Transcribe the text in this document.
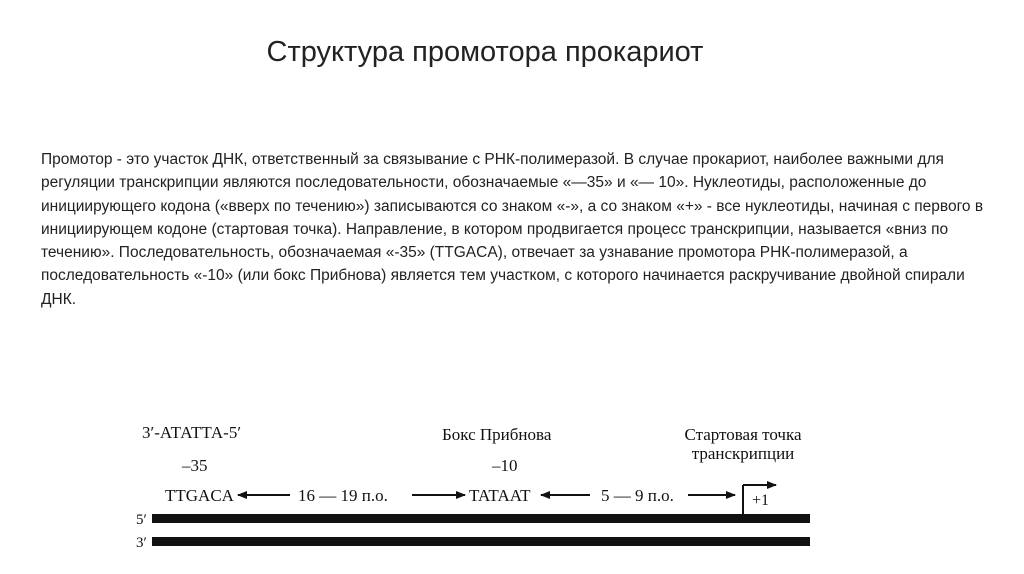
Структура промотора прокариот

Промотор - это участок ДНК, ответственный за связывание с РНК-полимеразой. В случае прокариот, наиболее важными для регуляции транскрипции являются последовательности, обозначаемые «—35» и «— 10». Нуклеотиды, расположенные до инициирующего кодона («вверх по течению») записываются со знаком «-», а со знаком «+» - все нуклеотиды, начиная с первого в инициирующем кодоне (стартовая точка). Направление, в котором продвигается процесс транскрипции, называется «вниз по течению». Последовательность, обозначаемая «-35» (TTGACA), отвечает за узнавание промотора РНК-полимеразой, а последовательность «-10» (или бокс Прибнова) является тем участком, с которого начинается раскручивание двойной спирали ДНК.

3′-АТАТТА-5′
–35
TTGACA	16 — 19 п.о.
Бокс Прибнова
–10
TATAAT	5 — 9 п.о.
Стартовая точка
транскрипции
+1
5′
3′
